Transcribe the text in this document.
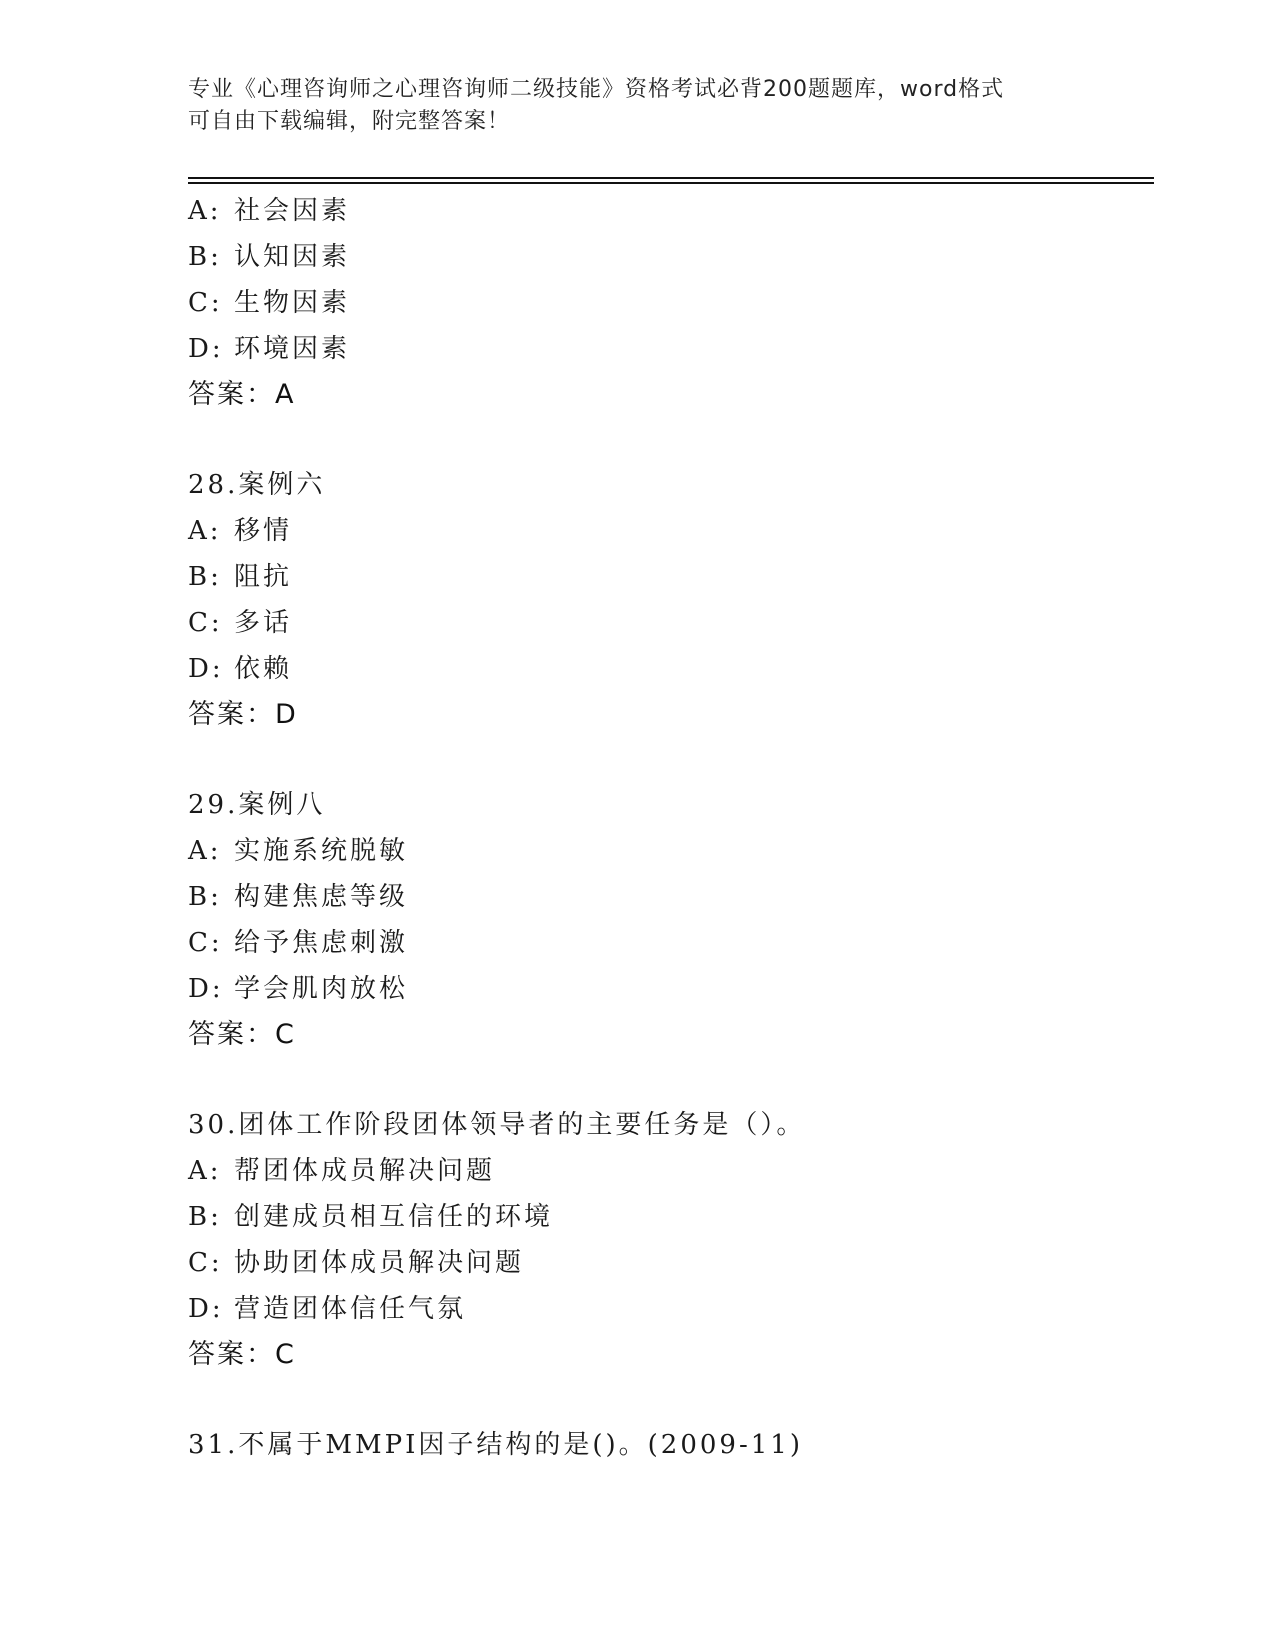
专业《心理咨询师之心理咨询师二级技能》资格考试必背200题题库，word格式
可自由下载编辑，附完整答案！
A: 社会因素
B: 认知因素
C: 生物因素
D: 环境因素
答案：A
28.案例六
A: 移情
B: 阻抗
C: 多话
D: 依赖
答案：D
29.案例八
A: 实施系统脱敏
B: 构建焦虑等级
C: 给予焦虑刺激
D: 学会肌肉放松
答案：C
30.团体工作阶段团体领导者的主要任务是（）。
A: 帮团体成员解决问题
B: 创建成员相互信任的环境
C: 协助团体成员解决问题
D: 营造团体信任气氛
答案：C
31.不属于MMPI因子结构的是()。(2009-11)
